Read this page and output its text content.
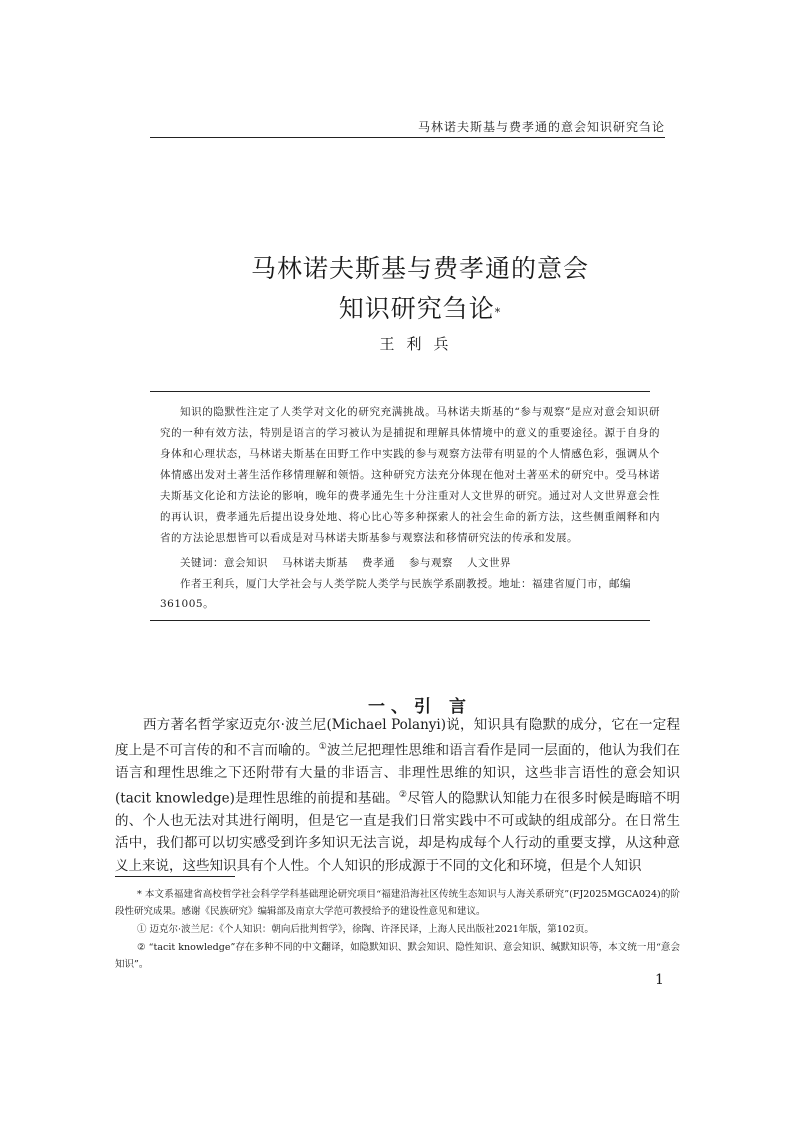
马林诺夫斯基与费孝通的意会知识研究刍论
马林诺夫斯基与费孝通的意会
知识研究刍论*
王利兵

知识的隐默性注定了人类学对文化的研究充满挑战。马林诺夫斯基的“参与观察”是应对意会知识研究的一种有效方法，特别是语言的学习被认为是捕捉和理解具体情境中的意义的重要途径。源于自身的身体和心理状态，马林诺夫斯基在田野工作中实践的参与观察方法带有明显的个人情感色彩，强调从个体情感出发对土著生活作移情理解和领悟。这种研究方法充分体现在他对土著巫术的研究中。受马林诺夫斯基文化论和方法论的影响，晚年的费孝通先生十分注重对人文世界的研究。通过对人文世界意会性的再认识，费孝通先后提出设身处地、将心比心等多种探索人的社会生命的新方法，这些侧重阐释和内省的方法论思想皆可以看成是对马林诺夫斯基参与观察法和移情研究法的传承和发展。

关键词：意会知识 马林诺夫斯基 费孝通 参与观察 人文世界

作者王利兵，厦门大学社会与人类学院人类学与民族学系副教授。地址：福建省厦门市，邮编361005。

一、引 言

西方著名哲学家迈克尔·波兰尼(Michael Polanyi)说，知识具有隐默的成分，它在一定程度上是不可言传的和不言而喻的。①波兰尼把理性思维和语言看作是同一层面的，他认为我们在语言和理性思维之下还附带有大量的非语言、非理性思维的知识，这些非言语性的意会知识(tacit knowledge)是理性思维的前提和基础。②尽管人的隐默认知能力在很多时候是晦暗不明的、个人也无法对其进行阐明，但是它一直是我们日常实践中不可或缺的组成部分。在日常生活中，我们都可以切实感受到许多知识无法言说，却是构成每个人行动的重要支撑，从这种意义上来说，这些知识具有个人性。个人知识的形成源于不同的文化和环境，但是个人知识

* 本文系福建省高校哲学社会科学学科基础理论研究项目“福建沿海社区传统生态知识与人海关系研究”(FJ2025MGCA024)的阶段性研究成果。感谢《民族研究》编辑部及南京大学范可教授给予的建设性意见和建议。

① 迈克尔·波兰尼：《个人知识：朝向后批判哲学》，徐陶、许泽民译，上海人民出版社2021年版，第102页。

② “tacit knowledge”存在多种不同的中文翻译，如隐默知识、默会知识、隐性知识、意会知识、缄默知识等，本文统一用“意会知识”。

1
